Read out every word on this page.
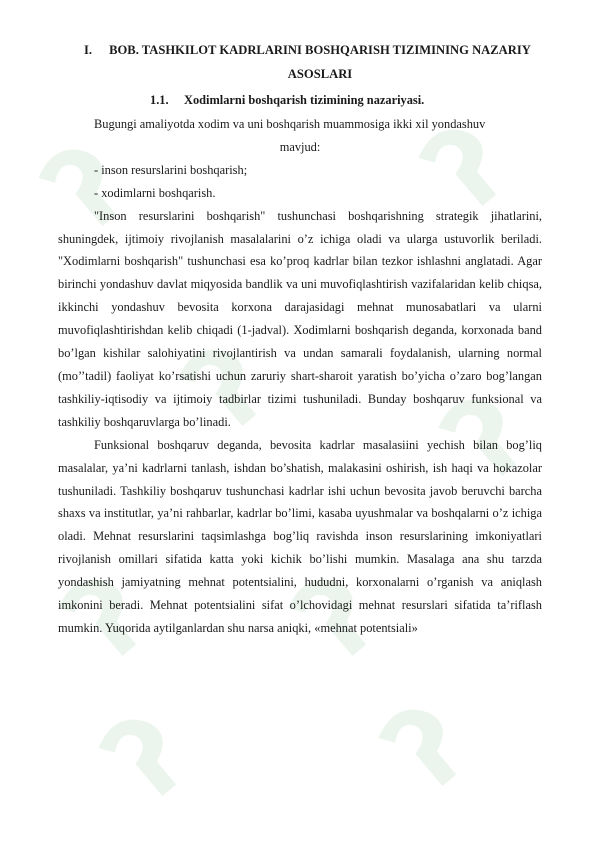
I.	BOB. TASHKILOT KADRLARINI BOSHQARISH TIZIMINING NAZARIY ASOSLARI
1.1. Xodimlarni boshqarish tizimining nazariyasi.

Bugungi amaliyotda xodim va uni boshqarish muammosiga ikki xil yondashuv

mavjud:

- inson resurslarini boshqarish;

- xodimlarni boshqarish.

"Inson resurslarini boshqarish" tushunchasi boshqarishning strategik jihatlarini, shuningdek, ijtimoiy rivojlanish masalalarini o’z ichiga oladi va ularga ustuvorlik beriladi. "Xodimlarni boshqarish" tushunchasi esa ko’proq kadrlar bilan tezkor ishlashni anglatadi. Agar birinchi yondashuv davlat miqyosida bandlik va uni muvofiqlashtirish vazifalaridan kelib chiqsa, ikkinchi yondashuv bevosita korxona darajasidagi mehnat munosabatlari va ularni muvofiqlashtirishdan kelib chiqadi (1-jadval). Xodimlarni boshqarish deganda, korxonada band bo’lgan kishilar salohiyatini rivojlantirish va undan samarali foydalanish, ularning normal (mo’’tadil) faoliyat ko’rsatishi uchun zaruriy shart-sharoit yaratish bo’yicha o’zaro bog’langan tashkiliy-iqtisodiy va ijtimoiy tadbirlar tizimi tushuniladi. Bunday boshqaruv funksional va tashkiliy boshqaruvlarga bo’linadi.

Funksional boshqaruv deganda, bevosita kadrlar masalasiini yechish bilan bog’liq masalalar, ya’ni kadrlarni tanlash, ishdan bo’shatish, malakasini oshirish, ish haqi va hokazolar tushuniladi. Tashkiliy boshqaruv tushunchasi kadrlar ishi uchun bevosita javob beruvchi barcha shaxs va institutlar, ya’ni rahbarlar, kadrlar bo’limi, kasaba uyushmalar va boshqalarni o’z ichiga oladi. Mehnat resurslarini taqsimlashga bog’liq ravishda inson resurslarining imkoniyatlari rivojlanish omillari sifatida katta yoki kichik bo’lishi mumkin. Masalaga ana shu tarzda yondashish jamiyatning mehnat potentsialini, hududni, korxonalarni o’rganish va aniqlash imkonini beradi. Mehnat potentsialini sifat o’lchovidagi mehnat resurslari sifatida ta’riflash mumkin. Yuqorida aytilganlardan shu narsa aniqki, «mehnat potentsiali»
